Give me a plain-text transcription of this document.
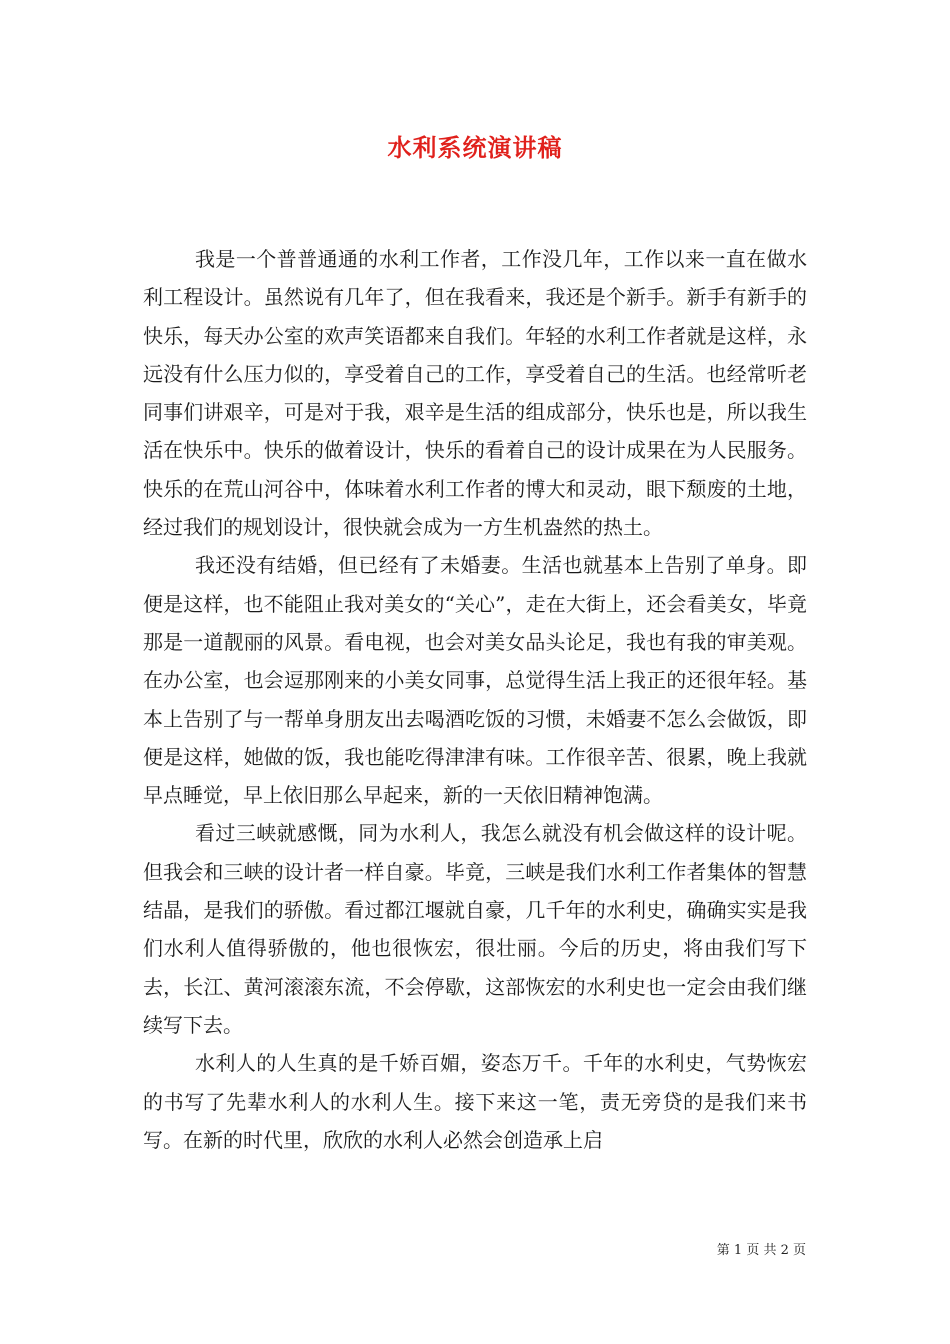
水利系统演讲稿

我是一个普普通通的水利工作者，工作没几年，工作以来一直在做水利工程设计。虽然说有几年了，但在我看来，我还是个新手。新手有新手的快乐，每天办公室的欢声笑语都来自我们。年轻的水利工作者就是这样，永远没有什么压力似的，享受着自己的工作，享受着自己的生活。也经常听老同事们讲艰辛，可是对于我，艰辛是生活的组成部分，快乐也是，所以我生活在快乐中。快乐的做着设计，快乐的看着自己的设计成果在为人民服务。快乐的在荒山河谷中，体味着水利工作者的博大和灵动，眼下颓废的土地，经过我们的规划设计，很快就会成为一方生机盎然的热土。

我还没有结婚，但已经有了未婚妻。生活也就基本上告别了单身。即便是这样，也不能阻止我对美女的“关心”，走在大街上，还会看美女，毕竟那是一道靓丽的风景。看电视，也会对美女品头论足，我也有我的审美观。在办公室，也会逗那刚来的小美女同事，总觉得生活上我正的还很年轻。基本上告别了与一帮单身朋友出去喝酒吃饭的习惯，未婚妻不怎么会做饭，即便是这样，她做的饭，我也能吃得津津有味。工作很辛苦、很累，晚上我就早点睡觉，早上依旧那么早起来，新的一天依旧精神饱满。

看过三峡就感慨，同为水利人，我怎么就没有机会做这样的设计呢。但我会和三峡的设计者一样自豪。毕竟，三峡是我们水利工作者集体的智慧结晶，是我们的骄傲。看过都江堰就自豪，几千年的水利史，确确实实是我们水利人值得骄傲的，他也很恢宏，很壮丽。今后的历史，将由我们写下去，长江、黄河滚滚东流，不会停歇，这部恢宏的水利史也一定会由我们继续写下去。

水利人的人生真的是千娇百媚，姿态万千。千年的水利史，气势恢宏的书写了先辈水利人的水利人生。接下来这一笔，责无旁贷的是我们来书写。在新的时代里，欣欣的水利人必然会创造承上启

第 1 页 共 2 页
